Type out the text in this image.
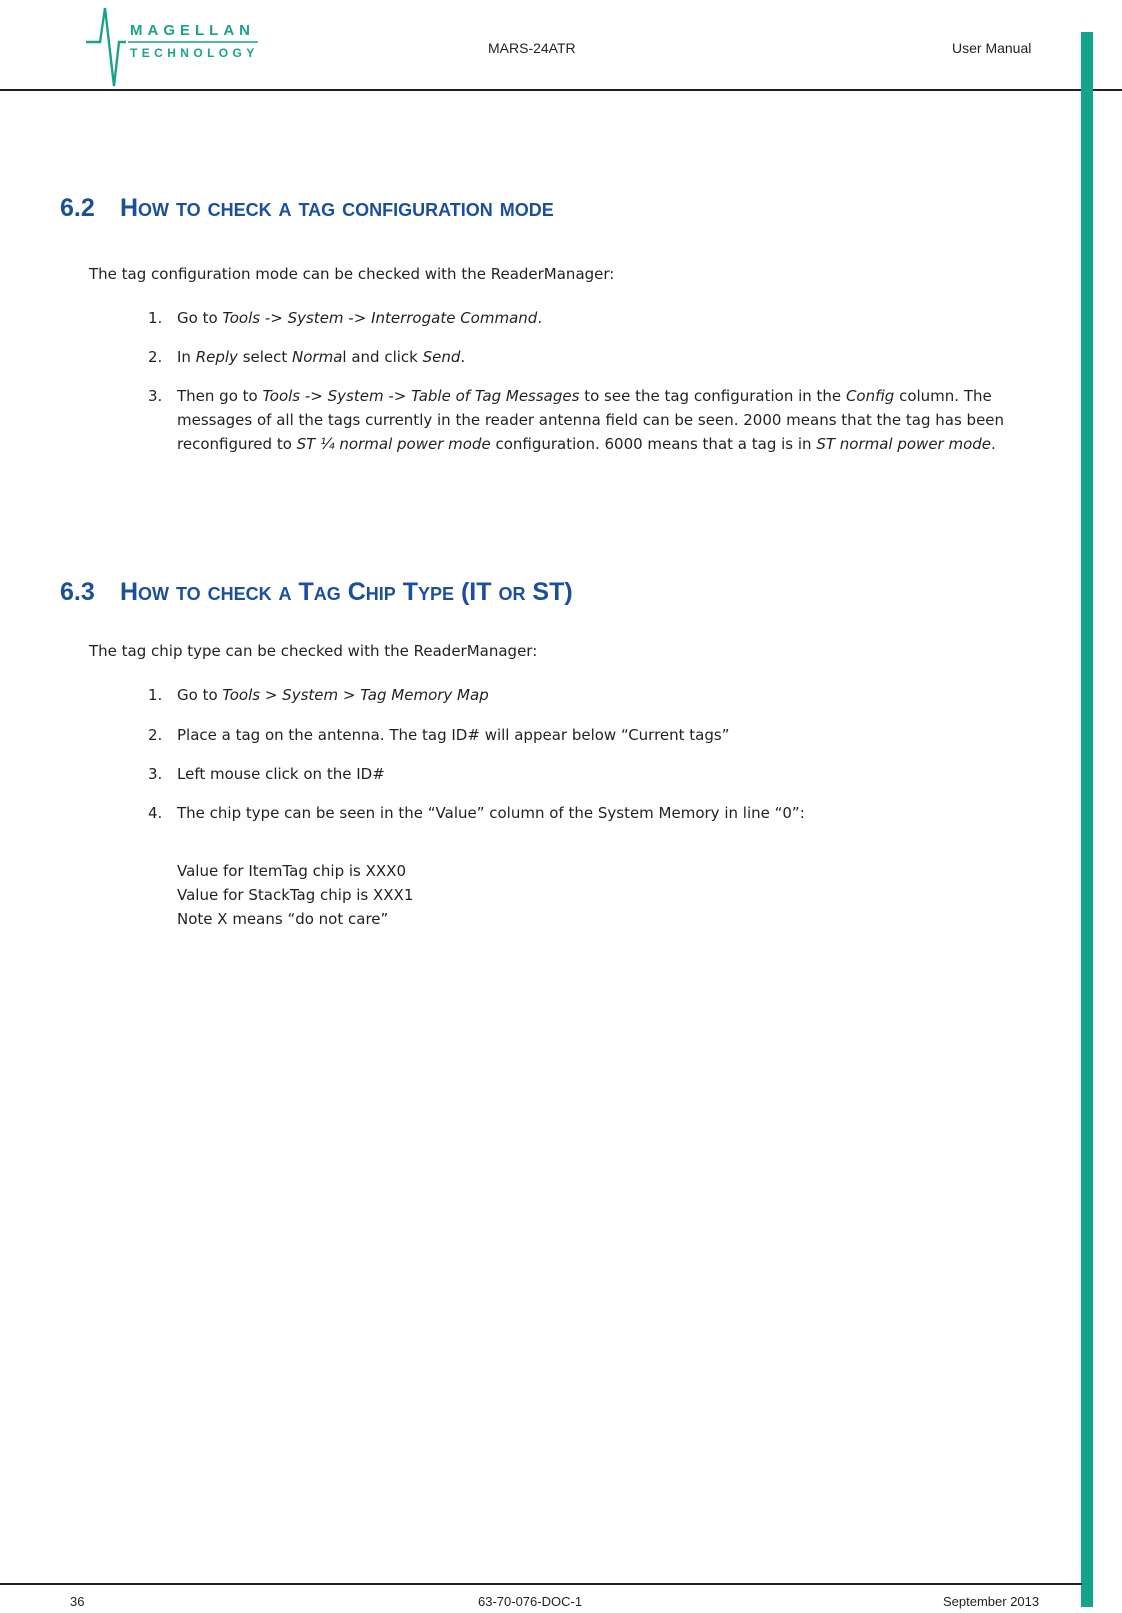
MAGELLAN
TECHNOLOGY	MARS-24ATR	User Manual
6.2 How to check a tag configuration mode

The tag configuration mode can be checked with the ReaderManager:

1. Go to Tools -> System -> Interrogate Command.
2. In Reply select Normal and click Send.
3. Then go to Tools -> System -> Table of Tag Messages to see the tag configuration in the Config column. The messages of all the tags currently in the reader antenna field can be seen. 2000 means that the tag has been reconfigured to ST ¼ normal power mode configuration. 6000 means that a tag is in ST normal power mode.
6.3 How to check a Tag Chip Type (IT or ST)

The tag chip type can be checked with the ReaderManager:

1. Go to Tools > System > Tag Memory Map
2. Place a tag on the antenna. The tag ID# will appear below “Current tags”
3. Left mouse click on the ID#
4. The chip type can be seen in the “Value” column of the System Memory in line “0”:
Value for ItemTag chip is XXX0
Value for StackTag chip is XXX1
Note X means “do not care”
36	63-70-076-DOC-1	September 2013
